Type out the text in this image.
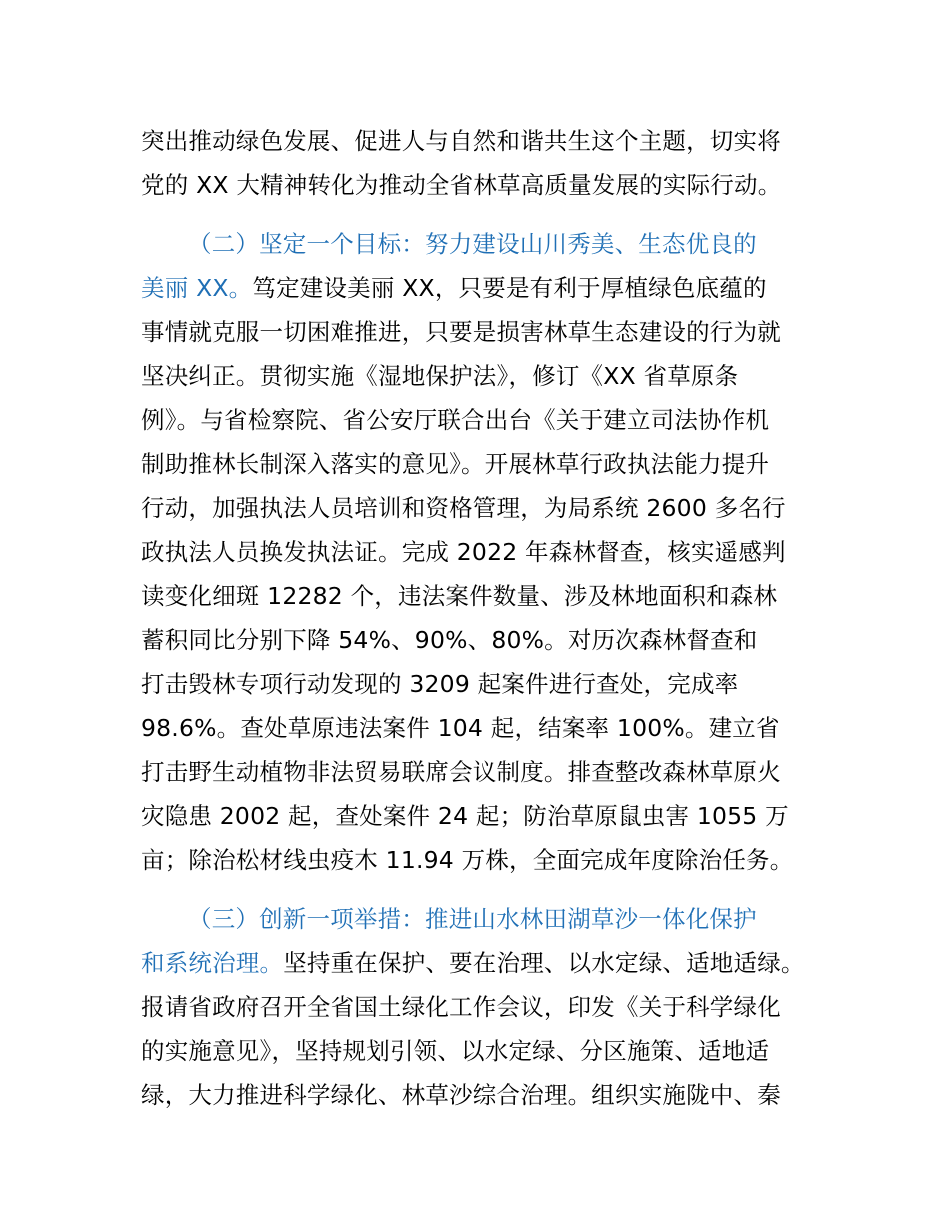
突出推动绿色发展、促进人与自然和谐共生这个主题，切实将
党的 XX 大精神转化为推动全省林草高质量发展的实际行动。
（二）坚定一个目标：努力建设山川秀美、生态优良的
美丽 XX。笃定建设美丽 XX，只要是有利于厚植绿色底蕴的
事情就克服一切困难推进，只要是损害林草生态建设的行为就
坚决纠正。贯彻实施《湿地保护法》，修订《XX 省草原条
例》。与省检察院、省公安厅联合出台《关于建立司法协作机
制助推林长制深入落实的意见》。开展林草行政执法能力提升
行动，加强执法人员培训和资格管理，为局系统 2600 多名行
政执法人员换发执法证。完成 2022 年森林督查，核实遥感判
读变化细斑 12282 个，违法案件数量、涉及林地面积和森林
蓄积同比分别下降 54%、90%、80%。对历次森林督查和
打击毁林专项行动发现的 3209 起案件进行查处，完成率
98.6%。查处草原违法案件 104 起，结案率 100%。建立省
打击野生动植物非法贸易联席会议制度。排查整改森林草原火
灾隐患 2002 起，查处案件 24 起；防治草原鼠虫害 1055 万
亩；除治松材线虫疫木 11.94 万株，全面完成年度除治任务。
（三）创新一项举措：推进山水林田湖草沙一体化保护
和系统治理。坚持重在保护、要在治理、以水定绿、适地适绿。
报请省政府召开全省国土绿化工作会议，印发《关于科学绿化
的实施意见》，坚持规划引领、以水定绿、分区施策、适地适
绿，大力推进科学绿化、林草沙综合治理。组织实施陇中、秦
